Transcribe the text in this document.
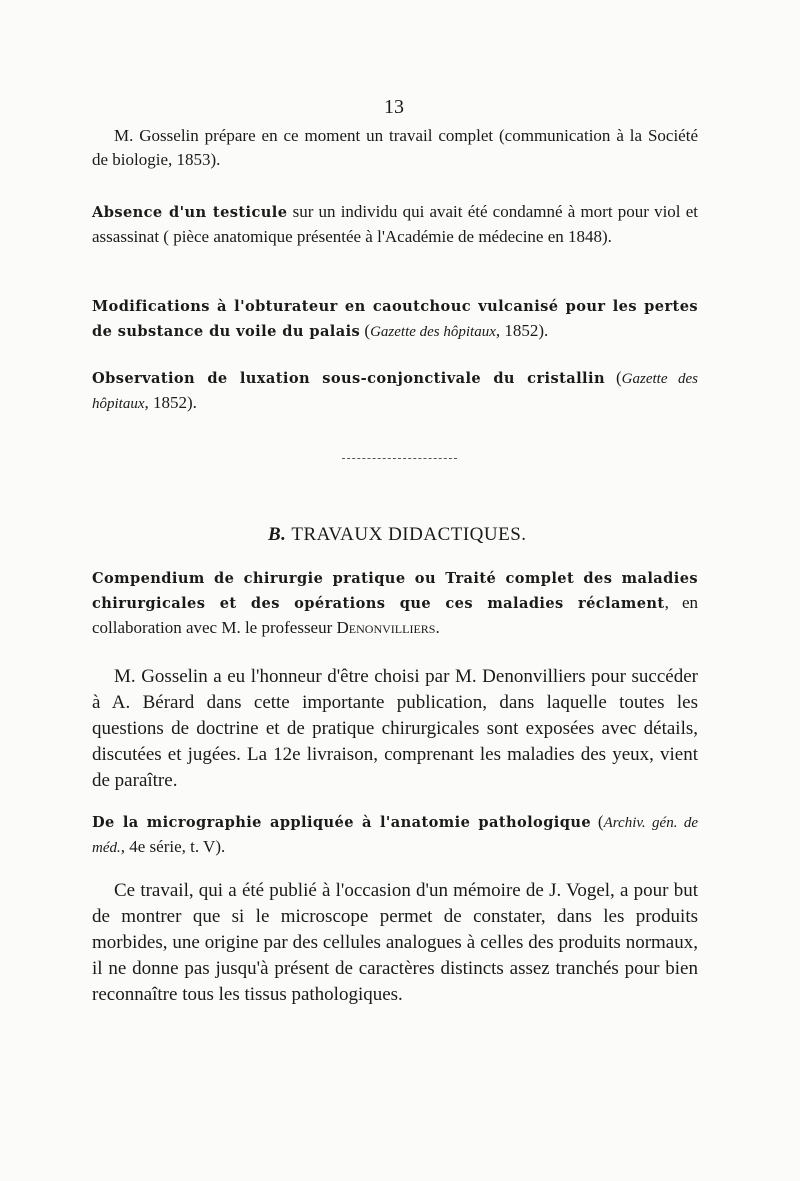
13

M. Gosselin prépare en ce moment un travail complet (communication à la Société de biologie, 1853).

Absence d'un testicule sur un individu qui avait été condamné à mort pour viol et assassinat ( pièce anatomique présentée à l'Académie de médecine en 1848).

Modifications à l'obturateur en caoutchouc vulcanisé pour les pertes de substance du voile du palais (Gazette des hôpitaux, 1852).

Observation de luxation sous-conjonctivale du cristallin (Gazette des hôpitaux, 1852).

B. TRAVAUX DIDACTIQUES.

Compendium de chirurgie pratique ou Traité complet des maladies chirurgicales et des opérations que ces maladies réclament, en collaboration avec M. le professeur Denonvilliers.

M. Gosselin a eu l'honneur d'être choisi par M. Denonvilliers pour succéder à A. Bérard dans cette importante publication, dans laquelle toutes les questions de doctrine et de pratique chirurgicales sont exposées avec détails, discutées et jugées. La 12e livraison, comprenant les maladies des yeux, vient de paraître.

De la micrographie appliquée à l'anatomie pathologique (Archiv. gén. de méd., 4e série, t. V).

Ce travail, qui a été publié à l'occasion d'un mémoire de J. Vogel, a pour but de montrer que si le microscope permet de constater, dans les produits morbides, une origine par des cellules analogues à celles des produits normaux, il ne donne pas jusqu'à présent de caractères distincts assez tranchés pour bien reconnaître tous les tissus pathologiques.
